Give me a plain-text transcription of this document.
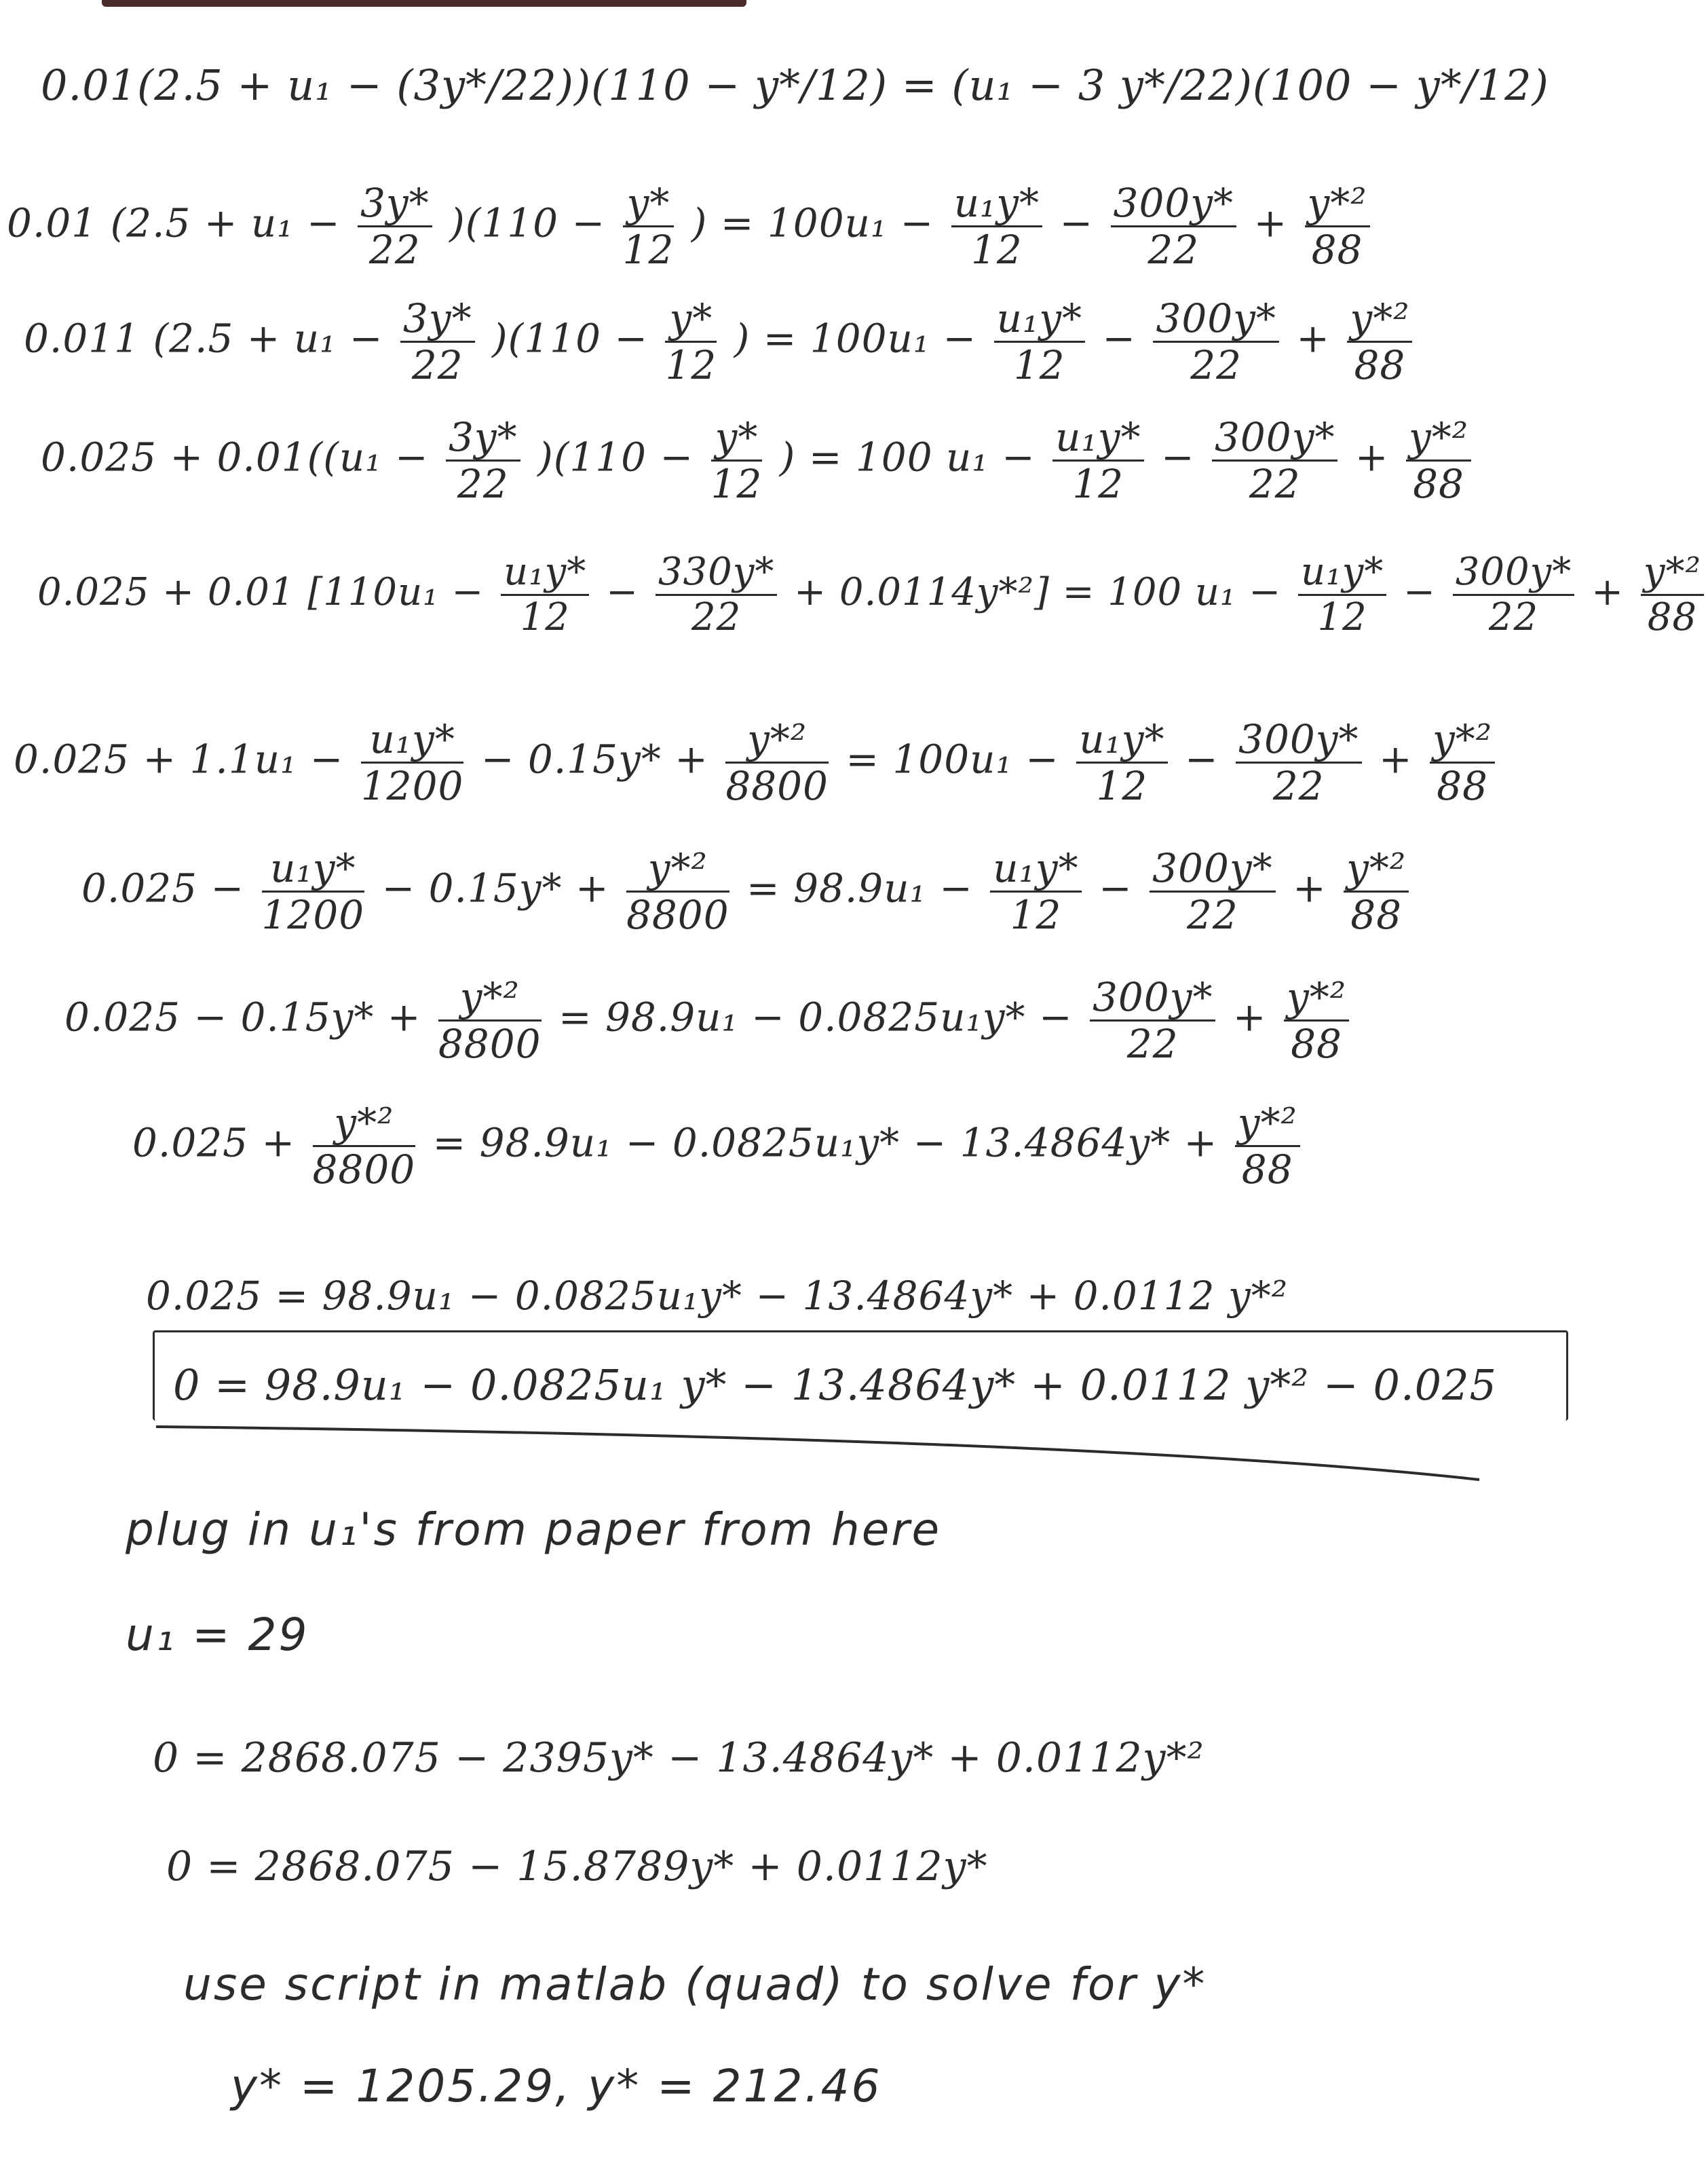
0.01(2.5 + u₁ − (3y*/22))(110 − y*/12) = (u₁ − 3 y*/22)(100 − y*/12)
0.01 $(2.5 + u_1 - \frac{3y*}{22} )(110 - \frac{y*}{12}$ ) = $100u_1 - \frac{\text{u₁y*}}{12} - \frac{300y*}{22} + \frac{\text{y*²}}{88}$
0.011 $(2.5 + u_1 - \frac{3y*}{22} )(110 - \frac{y*}{12}$ ) = $100u_1 - \frac{\text{u₁y*}}{12} - \frac{300y*}{22} + \frac{\text{y*²}}{88}$
$0.025 + 0.01((u_1 - \frac{3y*}{22} )(110 - \frac{y*}{12}$ ) = 100 $u_1 - \frac{\text{u₁y*}}{12} - \frac{300y*}{22} + \frac{\text{y*²}}{88}$
0.025 + 0.01 $[110u_1 - \frac{\text{u₁y*}}{12} - \frac{330y*}{22} + 0.0114y*^2] = 100$ $u_1 - \frac{\text{u₁y*}}{12} - \frac{300y*}{22} + \frac{\text{y*²}}{88}$
$0.025 + 1.1u_1 - \frac{\text{u₁y*}}{1200} - 0.15y* + \frac{\text{y*²}}{8800} = 100u_1 - \frac{\text{u₁y*}}{12} - \frac{300y*}{22} + \frac{\text{y*²}}{88}$
$0.025 - \frac{\text{u₁y*}}{1200} - 0.15y* + \frac{\text{y*²}}{8800} = 98.9u_1 - \frac{\text{u₁y*}}{12} - \frac{300y*}{22} + \frac{\text{y*²}}{88}$
$0.025 - 0.15y* + \frac{\text{y*²}}{8800} = 98.9u_1 - 0.0825u_1y* - \frac{300y*}{22} + \frac{\text{y*²}}{88}$
$0.025 + \frac{\text{y*²}}{8800} = 98.9u_1 - 0.0825u_1y* - 13.4864y* + \frac{\text{y*²}}{88}$
0.025 = 98.9u₁ − 0.0825u₁y* − 13.4864y* + 0.0112 y*²
0 = 98.9u₁ − 0.0825u₁ y* − 13.4864y* + 0.0112 y*² − 0.025
plug in u₁'s from paper from here
u₁ = 29
0 = 2868.075 − 2395y* − 13.4864y* + 0.0112y*²
0 = 2868.075 − 15.8789y* + 0.0112y*
use script in matlab (quad) to solve for y*
y* = 1205.29, y* = 212.46
